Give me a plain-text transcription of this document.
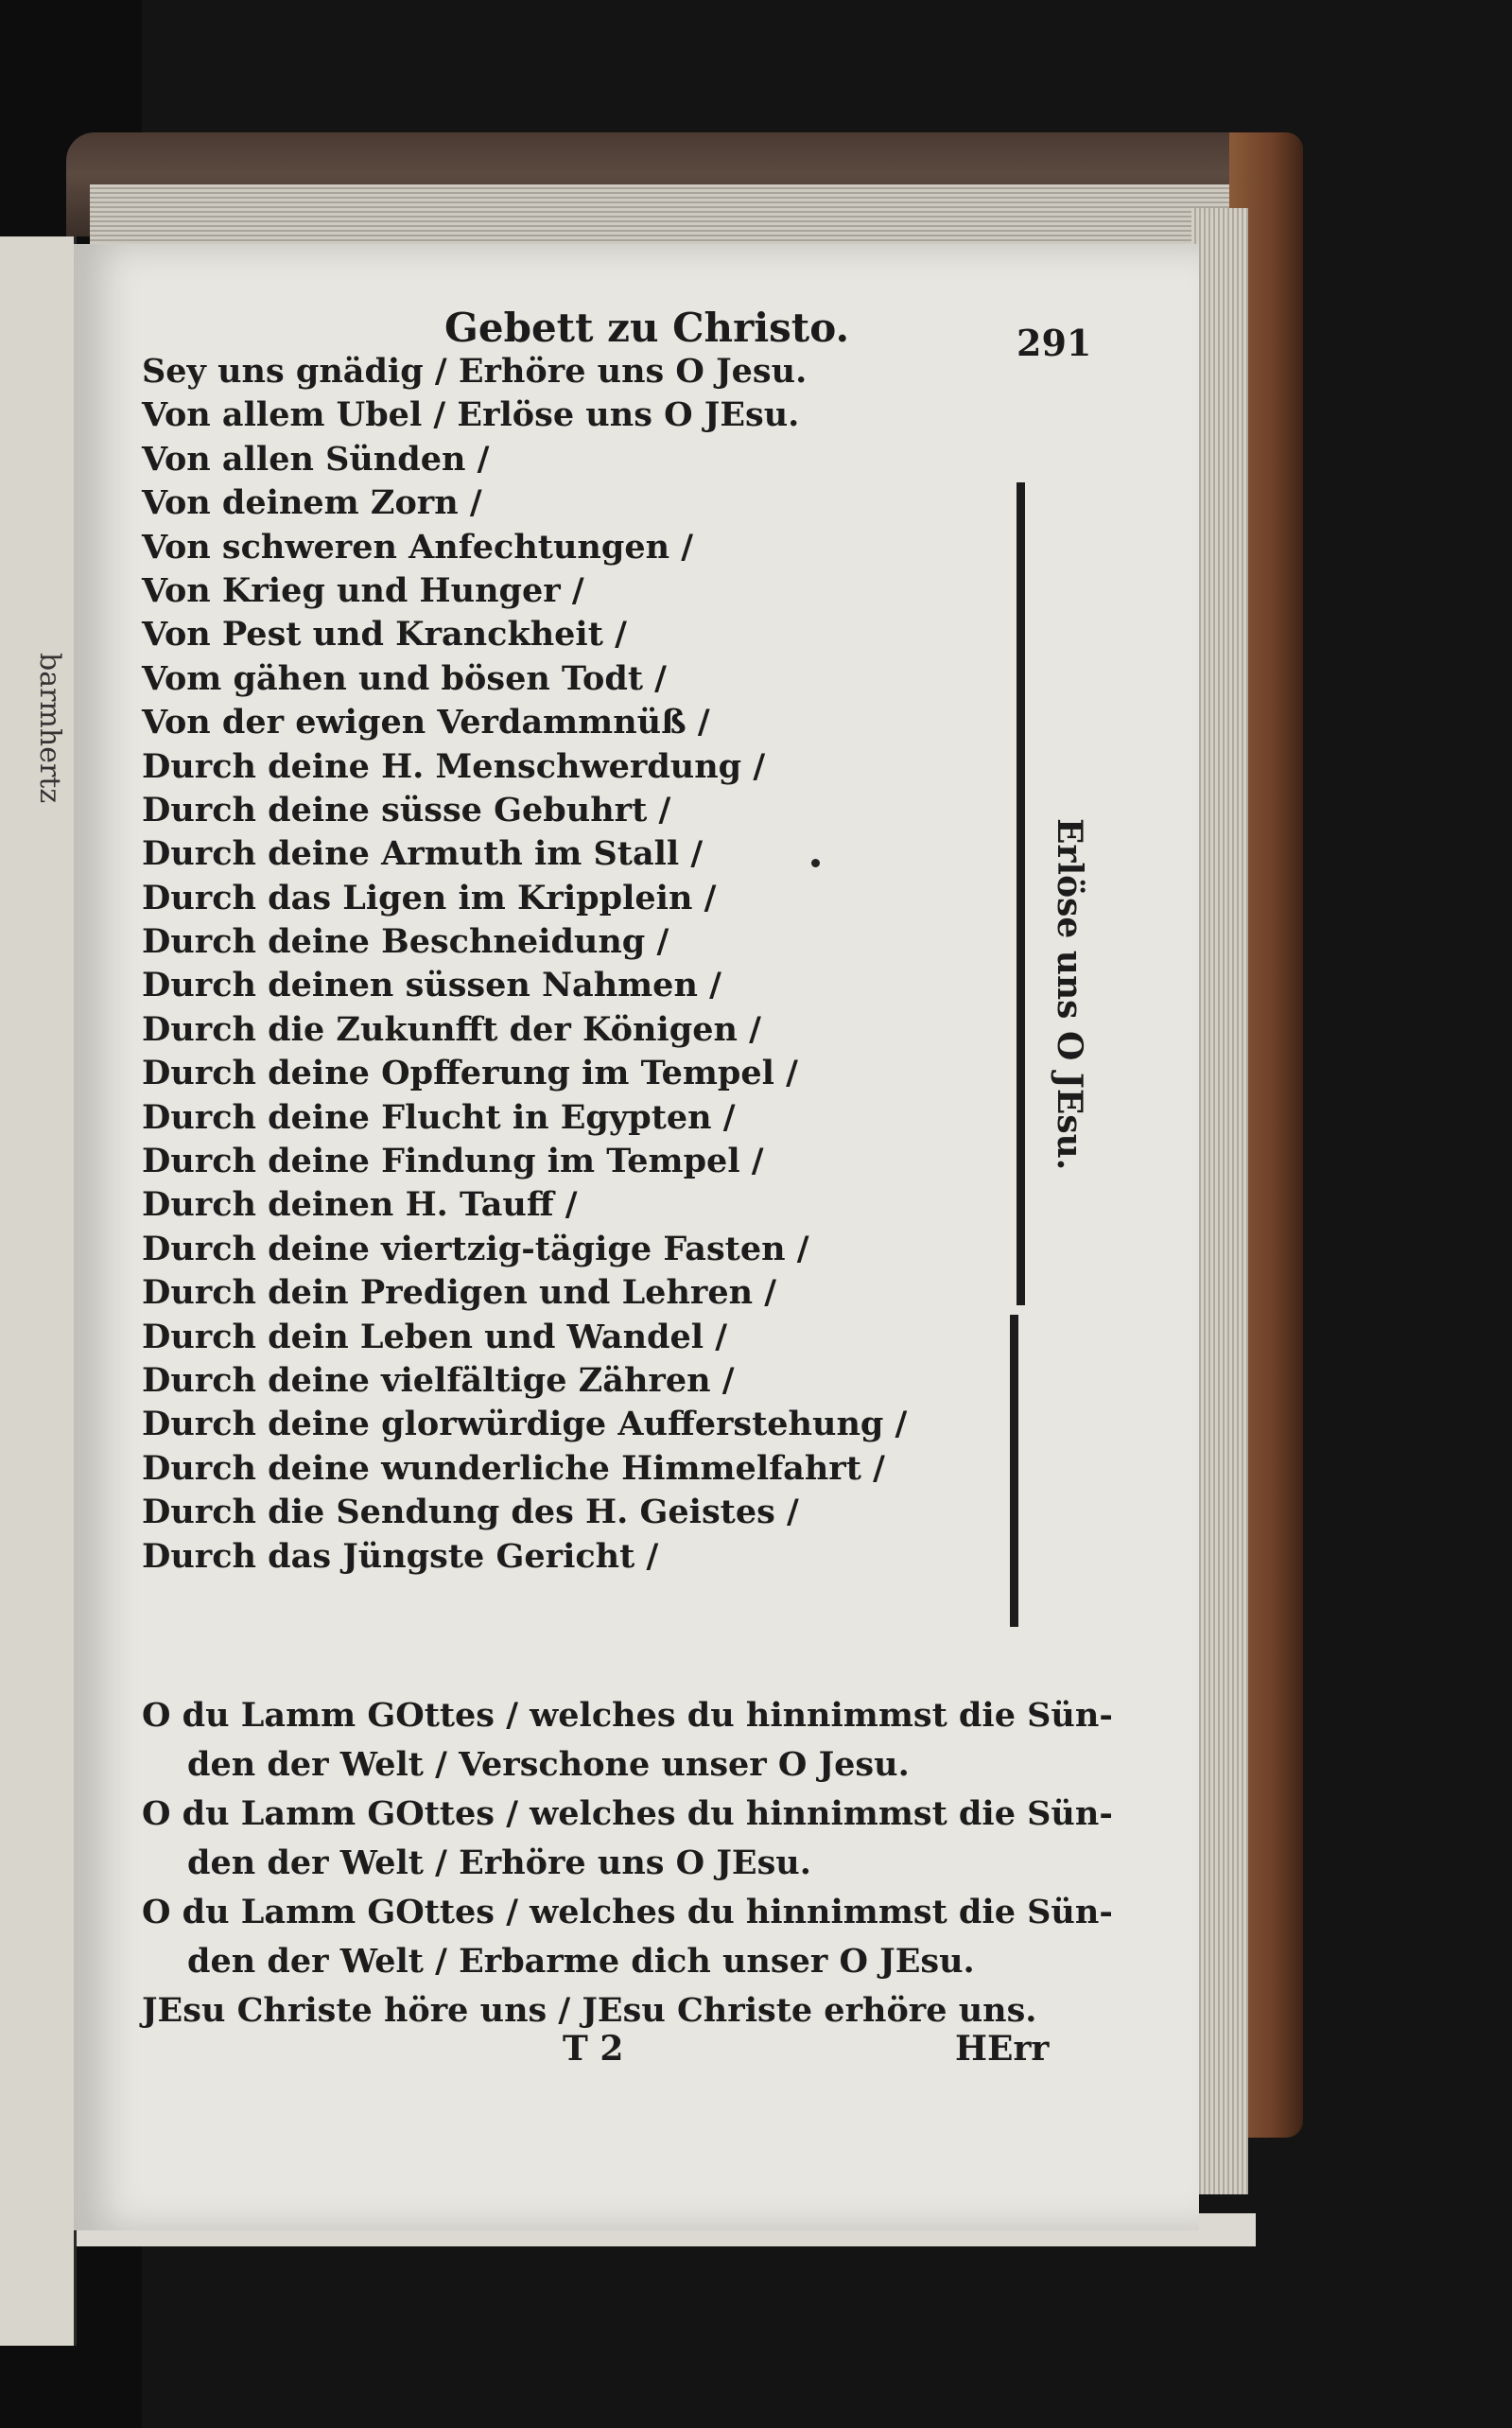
barmhertz
Gebett zu Christo.	291
Sey uns gnädig / Erhöre uns O Jesu.
Von allem Ubel / Erlöse uns O JEsu.
Von allen Sünden /
Von deinem Zorn /
Von schweren Anfechtungen /
Von Krieg und Hunger /
Von Pest und Kranckheit /
Vom gähen und bösen Todt /
Von der ewigen Verdammnüß /
Durch deine H. Menschwerdung /
Durch deine süsse Gebuhrt /
Durch deine Armuth im Stall /
Durch das Ligen im Kripplein /
Durch deine Beschneidung /
Durch deinen süssen Nahmen /
Durch die Zukunfft der Königen /
Durch deine Opfferung im Tempel /
Durch deine Flucht in Egypten /
Durch deine Findung im Tempel /
Durch deinen H. Tauff /
Durch deine viertzig-tägige Fasten /
Durch dein Predigen und Lehren /
Durch dein Leben und Wandel /
Durch deine vielfältige Zähren /
Durch deine glorwürdige Aufferstehung /
Durch deine wunderliche Himmelfahrt /
Durch die Sendung des H. Geistes /
Durch das Jüngste Gericht /
Erlöse uns O JEsu.
O du Lamm GOttes / welches du hinnimmst die Sün-
den der Welt / Verschone unser O Jesu.
O du Lamm GOttes / welches du hinnimmst die Sün-
den der Welt / Erhöre uns O JEsu.
O du Lamm GOttes / welches du hinnimmst die Sün-
den der Welt / Erbarme dich unser O JEsu.
JEsu Christe höre uns / JEsu Christe erhöre uns.
T 2	HErr
